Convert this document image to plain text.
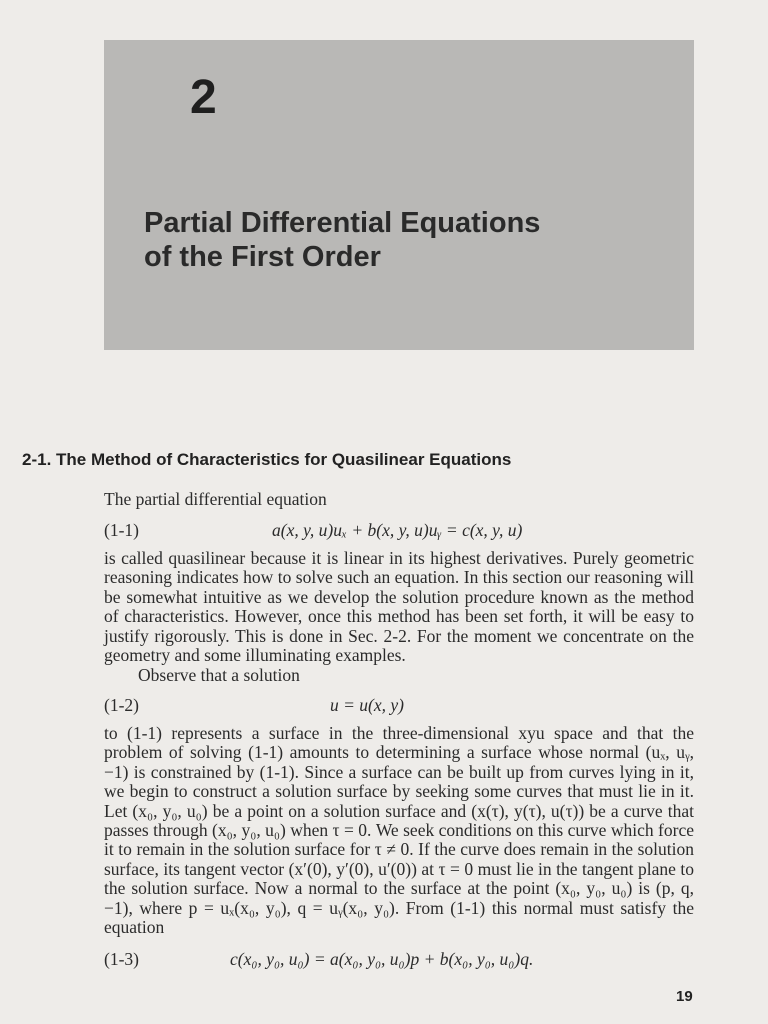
2
Partial Differential Equations
of the First Order
2-1. The Method of Characteristics for Quasilinear Equations

The partial differential equation

(1-1)	a(x, y, u)uₓ + b(x, y, u)uᵧ = c(x, y, u)

is called quasilinear because it is linear in its highest derivatives. Purely geometric reasoning indicates how to solve such an equation. In this section our reasoning will be somewhat intuitive as we develop the solution procedure known as the method of characteristics. However, once this method has been set forth, it will be easy to justify rigorously. This is done in Sec. 2-2. For the moment we concentrate on the geometry and some illuminating examples.

Observe that a solution

(1-2)	u = u(x, y)

to (1-1) represents a surface in the three-dimensional xyu space and that the problem of solving (1-1) amounts to determining a surface whose normal (uₓ, uᵧ, −1) is constrained by (1-1). Since a surface can be built up from curves lying in it, we begin to construct a solution surface by seeking some curves that must lie in it. Let (x₀, y₀, u₀) be a point on a solution surface and (x(τ), y(τ), u(τ)) be a curve that passes through (x₀, y₀, u₀) when τ = 0. We seek conditions on this curve which force it to remain in the solution surface for τ ≠ 0. If the curve does remain in the solution surface, its tangent vector (x′(0), y′(0), u′(0)) at τ = 0 must lie in the tangent plane to the solution surface. Now a normal to the surface at the point (x₀, y₀, u₀) is (p, q, −1), where p = uₓ(x₀, y₀), q = uᵧ(x₀, y₀). From (1-1) this normal must satisfy the equation

(1-3)	c(x₀, y₀, u₀) = a(x₀, y₀, u₀)p + b(x₀, y₀, u₀)q.

19
